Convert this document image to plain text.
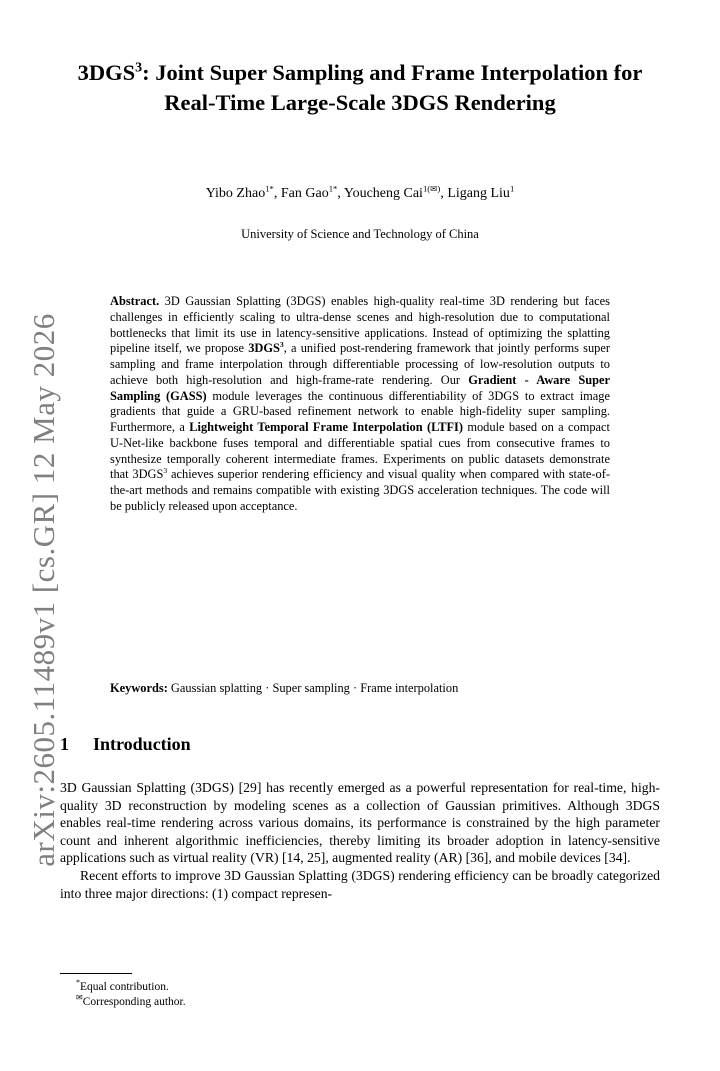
arXiv:2605.11489v1 [cs.GR] 12 May 2026
3DGS$^3$: Joint Super Sampling and Frame Interpolation for Real-Time Large-Scale 3DGS Rendering
Yibo Zhao$^{1*}$, Fan Gao$^{1*}$, Youcheng Cai$^{1(✉)}$, Ligang Liu$^1$
University of Science and Technology of China

Abstract. 3D Gaussian Splatting (3DGS) enables high-quality real-time 3D rendering but faces challenges in efficiently scaling to ultra-dense scenes and high-resolution due to computational bottlenecks that limit its use in latency-sensitive applications. Instead of optimizing the splatting pipeline itself, we propose 3DGS$^3$, a unified post-rendering framework that jointly performs super sampling and frame interpolation through differentiable processing of low-resolution outputs to achieve both high-resolution and high-frame-rate rendering. Our Gradient - Aware Super Sampling (GASS) module leverages the continuous differentiability of 3DGS to extract image gradients that guide a GRU-based refinement network to enable high-fidelity super sampling. Furthermore, a Lightweight Temporal Frame Interpolation (LTFI) module based on a compact U-Net-like backbone fuses temporal and differentiable spatial cues from consecutive frames to synthesize temporally coherent intermediate frames. Experiments on public datasets demonstrate that 3DGS$^3$ achieves superior rendering efficiency and visual quality when compared with state-of-the-art methods and remains compatible with existing 3DGS acceleration techniques. The code will be publicly released upon acceptance.

Keywords: Gaussian splatting · Super sampling · Frame interpolation
1 Introduction

3D Gaussian Splatting (3DGS) [29] has recently emerged as a powerful representation for real-time, high-quality 3D reconstruction by modeling scenes as a collection of Gaussian primitives. Although 3DGS enables real-time rendering across various domains, its performance is constrained by the high parameter count and inherent algorithmic inefficiencies, thereby limiting its broader adoption in latency-sensitive applications such as virtual reality (VR) [14, 25], augmented reality (AR) [36], and mobile devices [34].

Recent efforts to improve 3D Gaussian Splatting (3DGS) rendering efficiency can be broadly categorized into three major directions: (1) compact represen-

*Equal contribution.
✉Corresponding author.
